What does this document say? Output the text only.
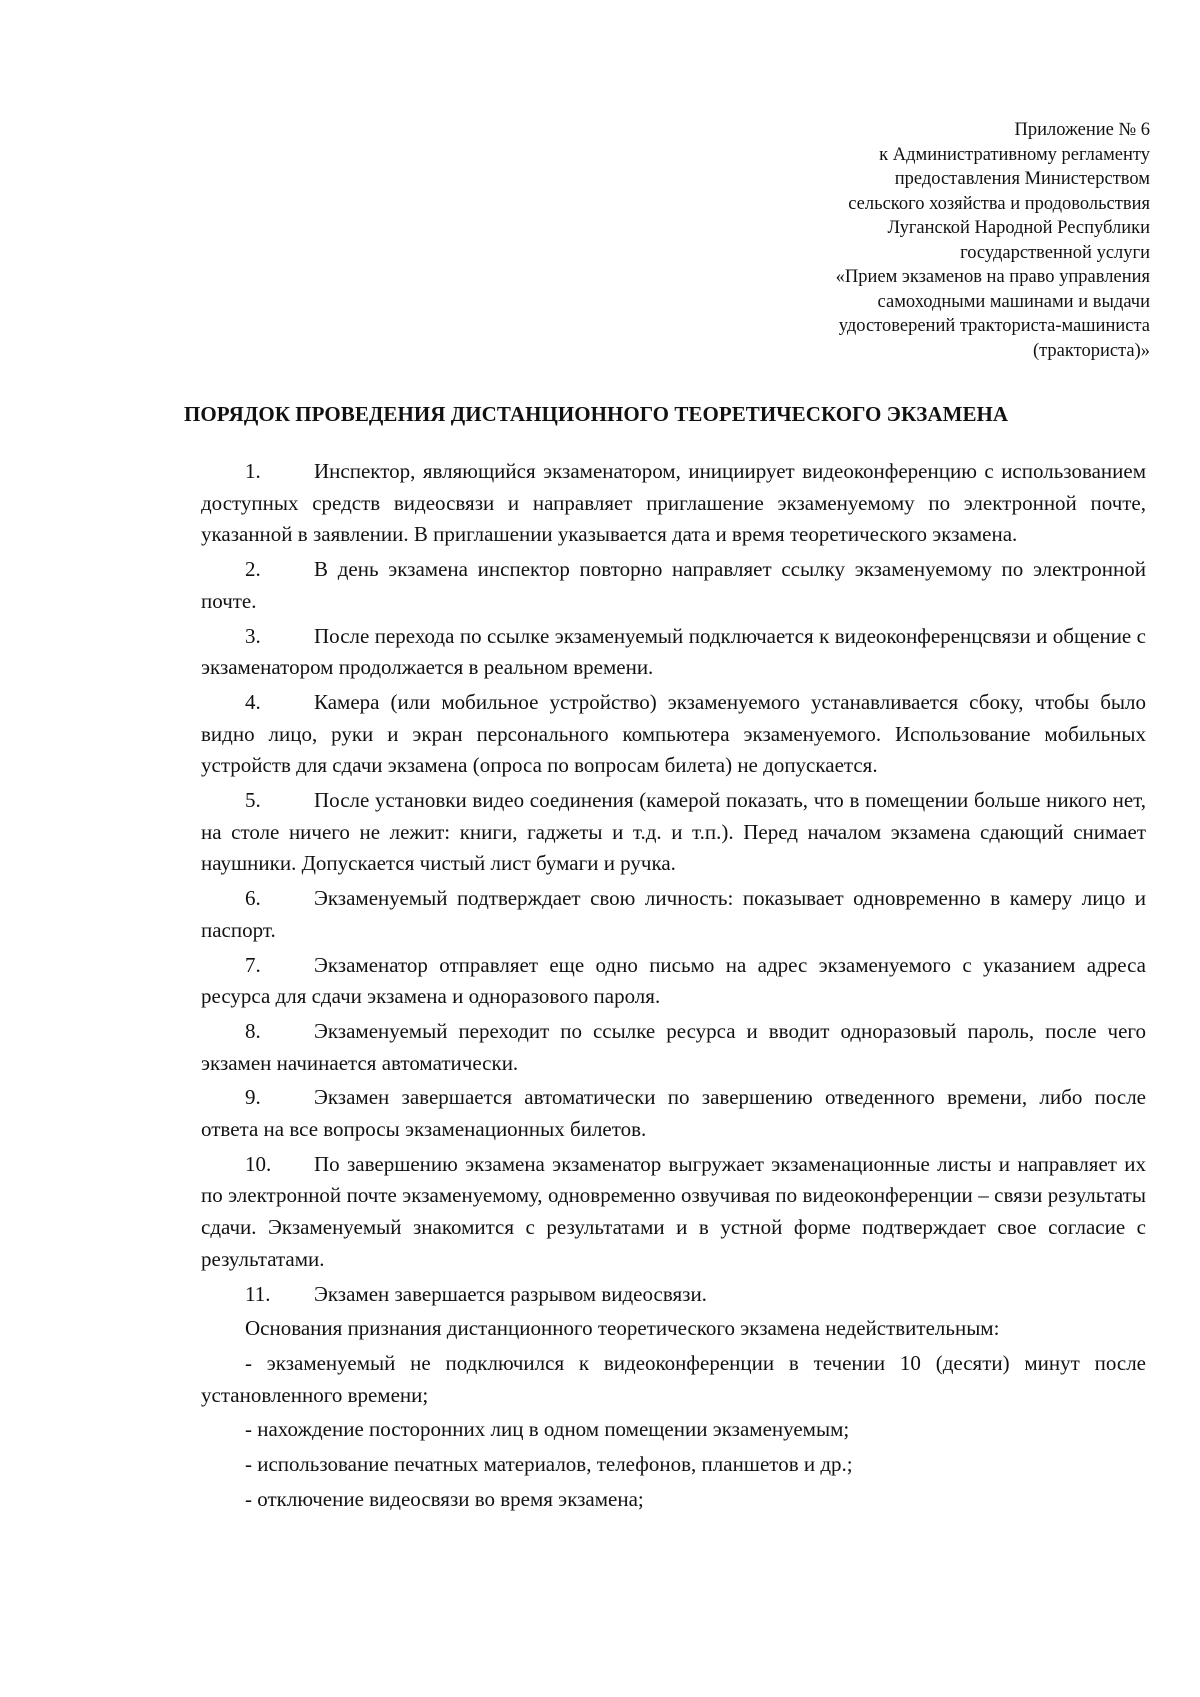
Приложение № 6
к Административному регламенту
предоставления Министерством
сельского хозяйства и продовольствия
Луганской Народной Республики
государственной услуги
«Прием экзаменов на право управления
самоходными машинами и выдачи
удостоверений тракториста-машиниста
(тракториста)»
ПОРЯДОК ПРОВЕДЕНИЯ ДИСТАНЦИОННОГО ТЕОРЕТИЧЕСКОГО ЭКЗАМЕНА

1.	Инспектор, являющийся экзаменатором, инициирует видеоконференцию с использованием доступных средств видеосвязи и направляет приглашение экзаменуемому по электронной почте, указанной в заявлении. В приглашении указывается дата и время теоретического экзамена.

2.	В день экзамена инспектор повторно направляет ссылку экзаменуемому по электронной почте.

3.	После перехода по ссылке экзаменуемый подключается к видеоконференцсвязи и общение с экзаменатором продолжается в реальном времени.

4.	Камера (или мобильное устройство) экзаменуемого устанавливается сбоку, чтобы было видно лицо, руки и экран персонального компьютера экзаменуемого. Использование мобильных устройств для сдачи экзамена (опроса по вопросам билета) не допускается.

5.	После установки видео соединения (камерой показать, что в помещении больше никого нет, на столе ничего не лежит: книги, гаджеты и т.д. и т.п.). Перед началом экзамена сдающий снимает наушники. Допускается чистый лист бумаги и ручка.

6.	Экзаменуемый подтверждает свою личность: показывает одновременно в камеру лицо и паспорт.

7.	Экзаменатор отправляет еще одно письмо на адрес экзаменуемого с указанием адреса ресурса для сдачи экзамена и одноразового пароля.

8.	Экзаменуемый переходит по ссылке ресурса и вводит одноразовый пароль, после чего экзамен начинается автоматически.

9.	Экзамен завершается автоматически по завершению отведенного времени, либо после ответа на все вопросы экзаменационных билетов.

10. По завершению экзамена экзаменатор выгружает экзаменационные листы и направляет их по электронной почте экзаменуемому, одновременно озвучивая по видеоконференции – связи результаты сдачи. Экзаменуемый знакомится с результатами и в устной форме подтверждает свое согласие с результатами.

11. Экзамен завершается разрывом видеосвязи.

Основания признания дистанционного теоретического экзамена недействительным:

- экзаменуемый не подключился к видеоконференции в течении 10 (десяти) минут после установленного времени;

- нахождение посторонних лиц в одном помещении экзаменуемым;

- использование печатных материалов, телефонов, планшетов и др.;

- отключение видеосвязи во время экзамена;
